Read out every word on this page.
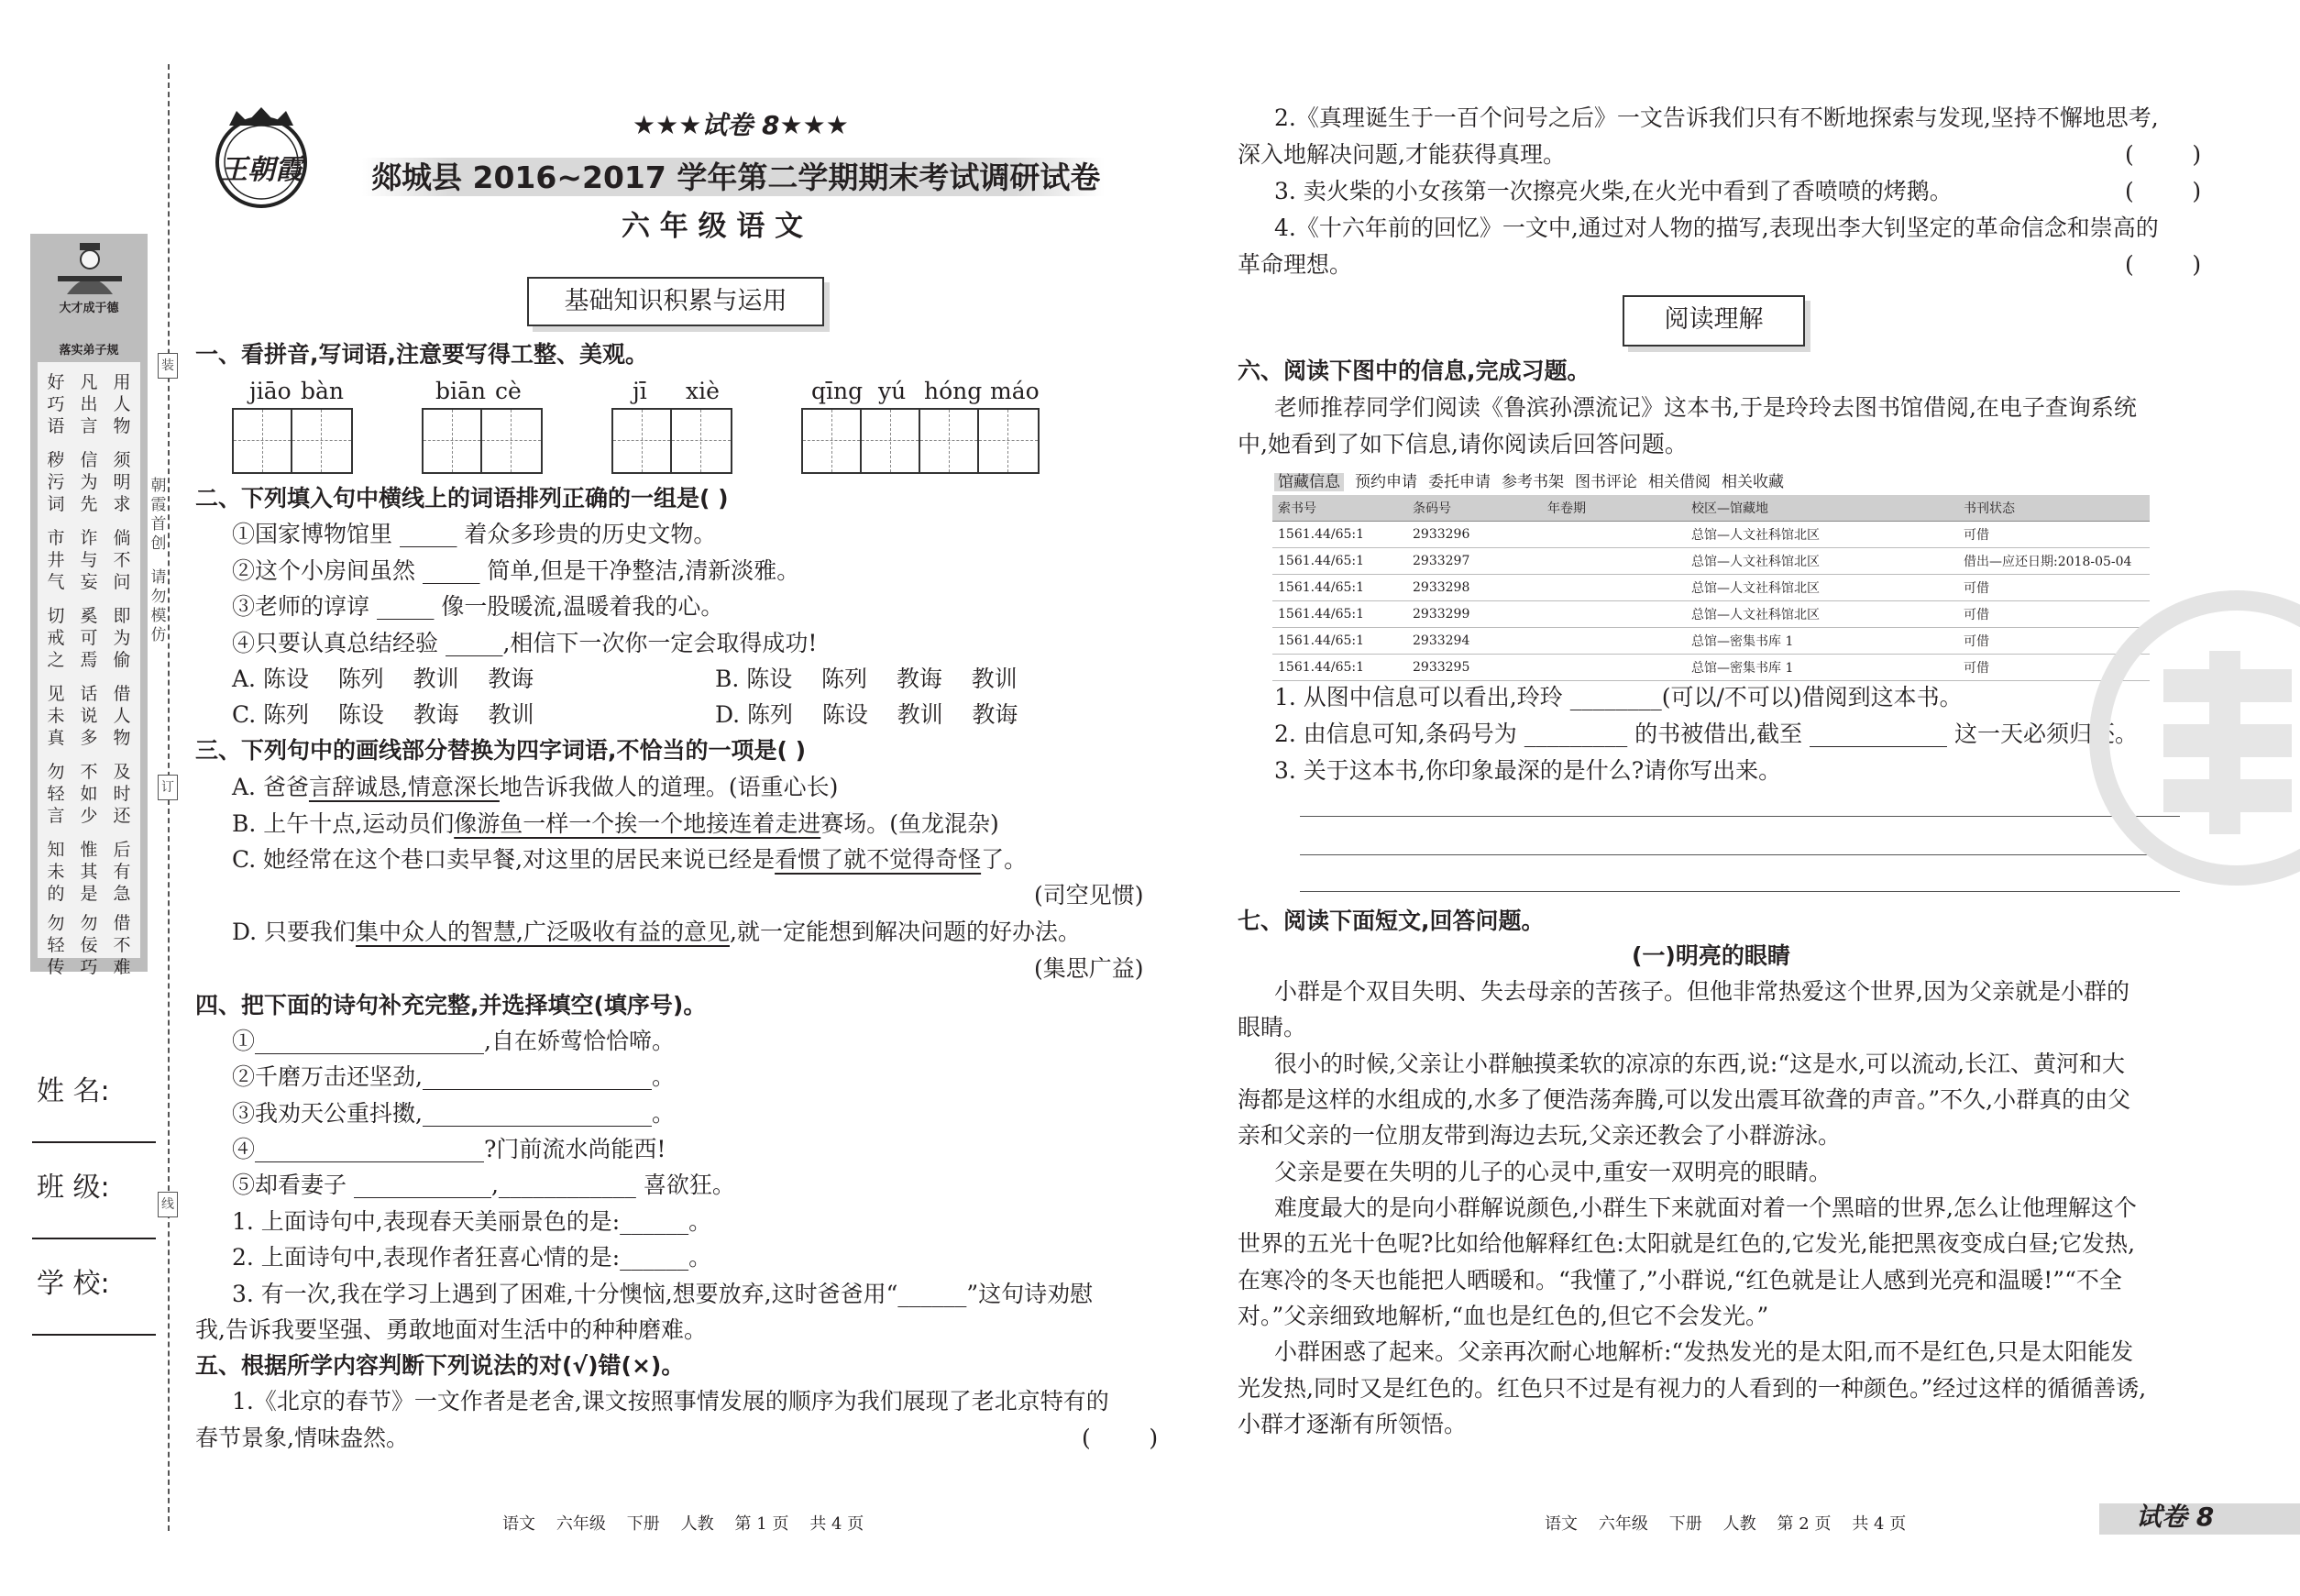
装
订
线
朝霞首创
请勿模仿
大才成于德
落实弟子规
好巧语
凡出言
用人物
秽污词
信为先
须明求
市井气
诈与妄
倘不问
切戒之
奚可焉
即为偷
见未真
话说多
借人物
勿轻言
不如少
及时还
知未的
惟其是
后有急
勿轻传
勿佞巧
借不难
姓 名:
班 级:
学 校:
王朝霞
★★★试卷 8★★★
郯城县 2016~2017 学年第二学期期末考试调研试卷
六 年 级 语 文
基础知识积累与运用
一、看拼音,写词语,注意要写得工整、美观。
jiāo bàn	biān cè	jī xiè	qīng yú hóng máo
二、下列填入句中横线上的词语排列正确的一组是( )
①国家博物馆里 _____ 着众多珍贵的历史文物。
②这个小房间虽然 _____ 简单,但是干净整洁,清新淡雅。
③老师的谆谆 _____ 像一股暖流,温暖着我的心。
④只要认真总结经验 _____,相信下一次你一定会取得成功!
A. 陈设    陈列    教训    教诲	B. 陈设    陈列    教诲    教训
C. 陈列    陈设    教诲    教训	D. 陈列    陈设    教训    教诲
三、下列句中的画线部分替换为四字词语,不恰当的一项是( )
A. 爸爸言辞诚恳,情意深长地告诉我做人的道理。(语重心长)
B. 上午十点,运动员们像游鱼一样一个挨一个地接连着走进赛场。(鱼龙混杂)
C. 她经常在这个巷口卖早餐,对这里的居民来说已经是看惯了就不觉得奇怪了。
(司空见惯)
D. 只要我们集中众人的智慧,广泛吸收有益的意见,就一定能想到解决问题的好办法。
(集思广益)
四、把下面的诗句补充完整,并选择填空(填序号)。
①____________________,自在娇莺恰恰啼。
②千磨万击还坚劲,____________________。
③我劝天公重抖擞,____________________。
④____________________?门前流水尚能西!
⑤却看妻子 ____________,____________ 喜欲狂。
1. 上面诗句中,表现春天美丽景色的是:______。
2. 上面诗句中,表现作者狂喜心情的是:______。
3. 有一次,我在学习上遇到了困难,十分懊恼,想要放弃,这时爸爸用“______”这句诗劝慰
我,告诉我要坚强、勇敢地面对生活中的种种磨难。
五、根据所学内容判断下列说法的对(√)错(×)。
1.《北京的春节》一文作者是老舍,课文按照事情发展的顺序为我们展现了老北京特有的
春节景象,情味盎然。	(        )
语文    六年级    下册    人教    第 1 页    共 4 页
2.《真理诞生于一百个问号之后》一文告诉我们只有不断地探索与发现,坚持不懈地思考,
深入地解决问题,才能获得真理。	(        )
3. 卖火柴的小女孩第一次擦亮火柴,在火光中看到了香喷喷的烤鹅。	(        )
4.《十六年前的回忆》一文中,通过对人物的描写,表现出李大钊坚定的革命信念和崇高的
革命理想。	(        )
阅读理解
六、阅读下图中的信息,完成习题。
老师推荐同学们阅读《鲁滨孙漂流记》这本书,于是玲玲去图书馆借阅,在电子查询系统
中,她看到了如下信息,请你阅读后回答问题。
馆藏信息 预约申请 委托申请 参考书架 图书评论 相关借阅 相关收藏
索书号	条码号	年卷期	校区—馆藏地	书刊状态
1561.44/65:1	2933296		总馆—人文社科馆北区	可借
1561.44/65:1	2933297		总馆—人文社科馆北区	借出—应还日期:2018-05-04
1561.44/65:1	2933298		总馆—人文社科馆北区	可借
1561.44/65:1	2933299		总馆—人文社科馆北区	可借
1561.44/65:1	2933294		总馆—密集书库 1	可借
1561.44/65:1	2933295		总馆—密集书库 1	可借
1. 从图中信息可以看出,玲玲 ________(可以/不可以)借阅到这本书。
2. 由信息可知,条码号为 _________ 的书被借出,截至 ____________ 这一天必须归还。
3. 关于这本书,你印象最深的是什么?请你写出来。
七、阅读下面短文,回答问题。
(一)明亮的眼睛
小群是个双目失明、失去母亲的苦孩子。但他非常热爱这个世界,因为父亲就是小群的
眼睛。
很小的时候,父亲让小群触摸柔软的凉凉的东西,说:“这是水,可以流动,长江、黄河和大
海都是这样的水组成的,水多了便浩荡奔腾,可以发出震耳欲聋的声音。”不久,小群真的由父
亲和父亲的一位朋友带到海边去玩,父亲还教会了小群游泳。
父亲是要在失明的儿子的心灵中,重安一双明亮的眼睛。
难度最大的是向小群解说颜色,小群生下来就面对着一个黑暗的世界,怎么让他理解这个
世界的五光十色呢?比如给他解释红色:太阳就是红色的,它发光,能把黑夜变成白昼;它发热,
在寒冷的冬天也能把人晒暖和。“我懂了,”小群说,“红色就是让人感到光亮和温暖!”“不全
对。”父亲细致地解析,“血也是红色的,但它不会发光。”
小群困惑了起来。父亲再次耐心地解析:“发热发光的是太阳,而不是红色,只是太阳能发
光发热,同时又是红色的。红色只不过是有视力的人看到的一种颜色。”经过这样的循循善诱,
小群才逐渐有所领悟。
语文    六年级    下册    人教    第 2 页    共 4 页	试卷 8
